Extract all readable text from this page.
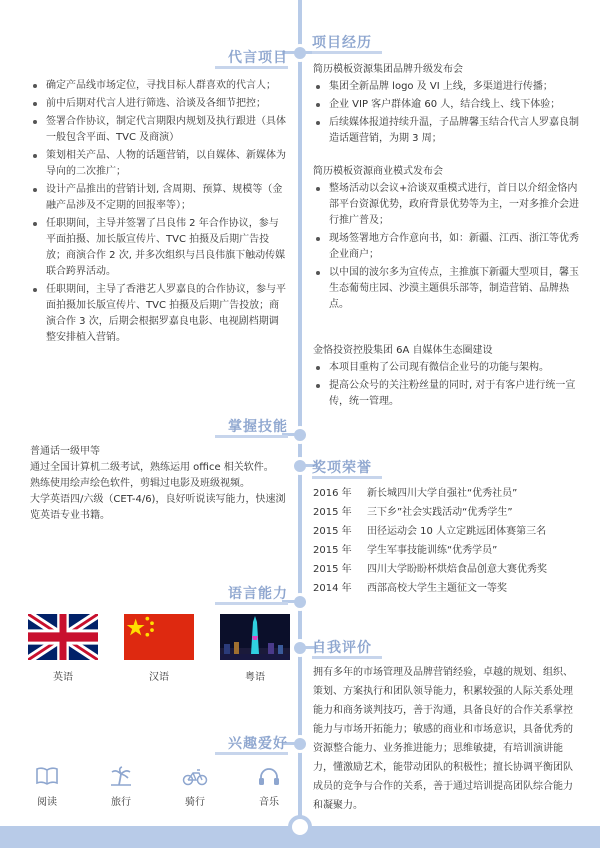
代言项目
确定产品线市场定位，寻找目标人群喜欢的代言人；
前中后期对代言人进行筛选、洽谈及各细节把控；
签署合作协议，制定代言期限内规划及执行跟进（具体一般包含平面、TVC 及商演）
策划相关产品、人物的话题营销，以自媒体、新媒体为导向的二次推广；
设计产品推出的营销计划, 含周期、预算、规模等（金融产品涉及不定期的回报率等）；
任职期间，主导并签署了吕良伟 2 年合作协议，参与平面拍摄、加长版宣传片、TVC 拍摄及后期广告投放；商演合作 2 次, 并多次组织与吕良伟旗下触动传媒联合跨界活动。
任职期间，主导了香港艺人罗嘉良的合作协议，参与平面拍摄加长版宣传片、TVC 拍摄及后期广告投放；商演合作 3 次，后期会根据罗嘉良电影、电视剧档期调整安排植入营销。
项目经历
简历模板资源集团品牌升级发布会
集团全新品牌 logo 及 VI 上线，多渠道进行传播；
企业 VIP 客户群体逾 60 人，结合线上、线下体验；
后续媒体报道持续升温，子品牌馨玉结合代言人罗嘉良制造话题营销，为期 3 周；
简历模板资源商业模式发布会
整场活动以会议+洽谈双重模式进行，首日以介绍金恪内部平台资源优势，政府背景优势等为主，一对多推介会进行推广普及；
现场签署地方合作意向书，如：新疆、江西、浙江等优秀企业商户；
以中国的波尔多为宣传点，主推旗下新疆大型项目，馨玉生态葡萄庄园、沙漠主题俱乐部等，制造营销、品牌热点。
金恪投资控股集团 6A 自媒体生态圈建设
本项目重构了公司现有微信企业号的功能与架构。
提高公众号的关注粉丝量的同时, 对于有客户进行统一宣传，统一管理。
掌握技能
普通话一级甲等
通过全国计算机二级考试，熟练运用 office 相关软件。
熟练使用绘声绘色软件，剪辑过电影及班级视频。
大学英语四/六级（CET-4/6)，良好听说读写能力，快速浏览英语专业书籍。
奖项荣誉
2016 年	新长城四川大学自强社“优秀社员”
2015 年	三下乡”社会实践活动“优秀学生”
2015 年	田径运动会 10 人立定跳远团体赛第三名
2015 年	学生军事技能训练“优秀学员”
2015 年	四川大学盼盼杯烘焙食品创意大赛优秀奖
2014 年	西部高校大学生主题征文一等奖
语言能力
英语	汉语	粤语
自我评价
拥有多年的市场管理及品牌营销经验，卓越的规划、组织、策划、方案执行和团队领导能力，积累较强的人际关系处理能力和商务谈判技巧，善于沟通，具备良好的合作关系掌控能力与市场开拓能力；敏感的商业和市场意识，具备优秀的资源整合能力、业务推进能力；思维敏捷，有培训演讲能力，懂激励艺术，能带动团队的积极性；擅长协调平衡团队成员的竞争与合作的关系，善于通过培训提高团队综合能力和凝聚力。
兴趣爱好
阅读	旅行	骑行	音乐
